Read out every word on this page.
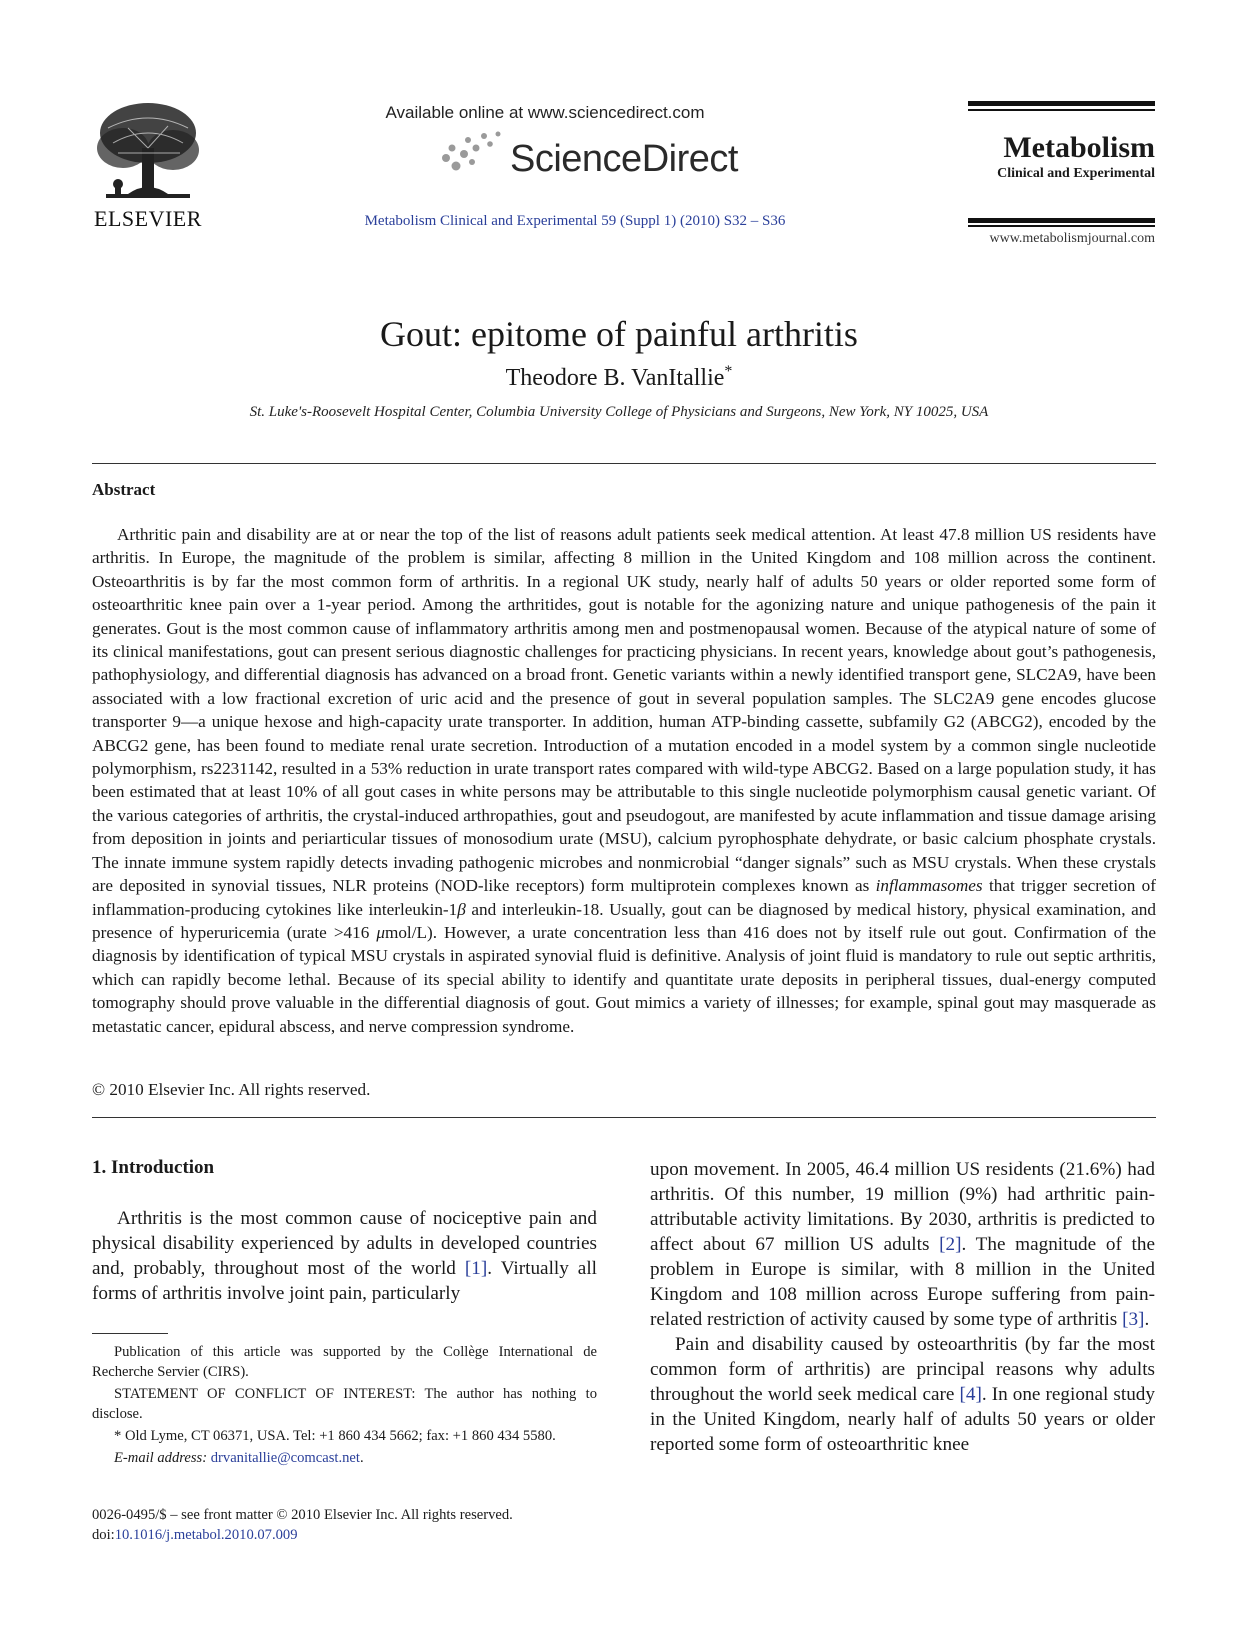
ELSEVIER
Available online at www.sciencedirect.com
ScienceDirect
Metabolism Clinical and Experimental 59 (Suppl 1) (2010) S32 – S36
Metabolism
Clinical and Experimental
www.metabolismjournal.com
Gout: epitome of painful arthritis
Theodore B. VanItallie*
St. Luke's-Roosevelt Hospital Center, Columbia University College of Physicians and Surgeons, New York, NY 10025, USA
Abstract

Arthritic pain and disability are at or near the top of the list of reasons adult patients seek medical attention. At least 47.8 million US residents have arthritis. In Europe, the magnitude of the problem is similar, affecting 8 million in the United Kingdom and 108 million across the continent. Osteoarthritis is by far the most common form of arthritis. In a regional UK study, nearly half of adults 50 years or older reported some form of osteoarthritic knee pain over a 1-year period. Among the arthritides, gout is notable for the agonizing nature and unique pathogenesis of the pain it generates. Gout is the most common cause of inflammatory arthritis among men and postmenopausal women. Because of the atypical nature of some of its clinical manifestations, gout can present serious diagnostic challenges for practicing physicians. In recent years, knowledge about gout’s pathogenesis, pathophysiology, and differential diagnosis has advanced on a broad front. Genetic variants within a newly identified transport gene, SLC2A9, have been associated with a low fractional excretion of uric acid and the presence of gout in several population samples. The SLC2A9 gene encodes glucose transporter 9—a unique hexose and high-capacity urate transporter. In addition, human ATP-binding cassette, subfamily G2 (ABCG2), encoded by the ABCG2 gene, has been found to mediate renal urate secretion. Introduction of a mutation encoded in a model system by a common single nucleotide polymorphism, rs2231142, resulted in a 53% reduction in urate transport rates compared with wild-type ABCG2. Based on a large population study, it has been estimated that at least 10% of all gout cases in white persons may be attributable to this single nucleotide polymorphism causal genetic variant. Of the various categories of arthritis, the crystal-induced arthropathies, gout and pseudogout, are manifested by acute inflammation and tissue damage arising from deposition in joints and periarticular tissues of monosodium urate (MSU), calcium pyrophosphate dehydrate, or basic calcium phosphate crystals. The innate immune system rapidly detects invading pathogenic microbes and nonmicrobial “danger signals” such as MSU crystals. When these crystals are deposited in synovial tissues, NLR proteins (NOD-like receptors) form multiprotein complexes known as inflammasomes that trigger secretion of inflammation-producing cytokines like interleukin-1β and interleukin-18. Usually, gout can be diagnosed by medical history, physical examination, and presence of hyperuricemia (urate >416 μmol/L). However, a urate concentration less than 416 does not by itself rule out gout. Confirmation of the diagnosis by identification of typical MSU crystals in aspirated synovial fluid is definitive. Analysis of joint fluid is mandatory to rule out septic arthritis, which can rapidly become lethal. Because of its special ability to identify and quantitate urate deposits in peripheral tissues, dual-energy computed tomography should prove valuable in the differential diagnosis of gout. Gout mimics a variety of illnesses; for example, spinal gout may masquerade as metastatic cancer, epidural abscess, and nerve compression syndrome.

© 2010 Elsevier Inc. All rights reserved.
1. Introduction

Arthritis is the most common cause of nociceptive pain and physical disability experienced by adults in developed countries and, probably, throughout most of the world [1]. Virtually all forms of arthritis involve joint pain, particularly

Publication of this article was supported by the Collège International de Recherche Servier (CIRS).

STATEMENT OF CONFLICT OF INTEREST: The author has nothing to disclose.

* Old Lyme, CT 06371, USA. Tel: +1 860 434 5662; fax: +1 860 434 5580.

E-mail address: drvanitallie@comcast.net.

0026-0495/$ – see front matter © 2010 Elsevier Inc. All rights reserved.
doi:10.1016/j.metabol.2010.07.009

upon movement. In 2005, 46.4 million US residents (21.6%) had arthritis. Of this number, 19 million (9%) had arthritic pain-attributable activity limitations. By 2030, arthritis is predicted to affect about 67 million US adults [2]. The magnitude of the problem in Europe is similar, with 8 million in the United Kingdom and 108 million across Europe suffering from pain-related restriction of activity caused by some type of arthritis [3].

Pain and disability caused by osteoarthritis (by far the most common form of arthritis) are principal reasons why adults throughout the world seek medical care [4]. In one regional study in the United Kingdom, nearly half of adults 50 years or older reported some form of osteoarthritic knee
